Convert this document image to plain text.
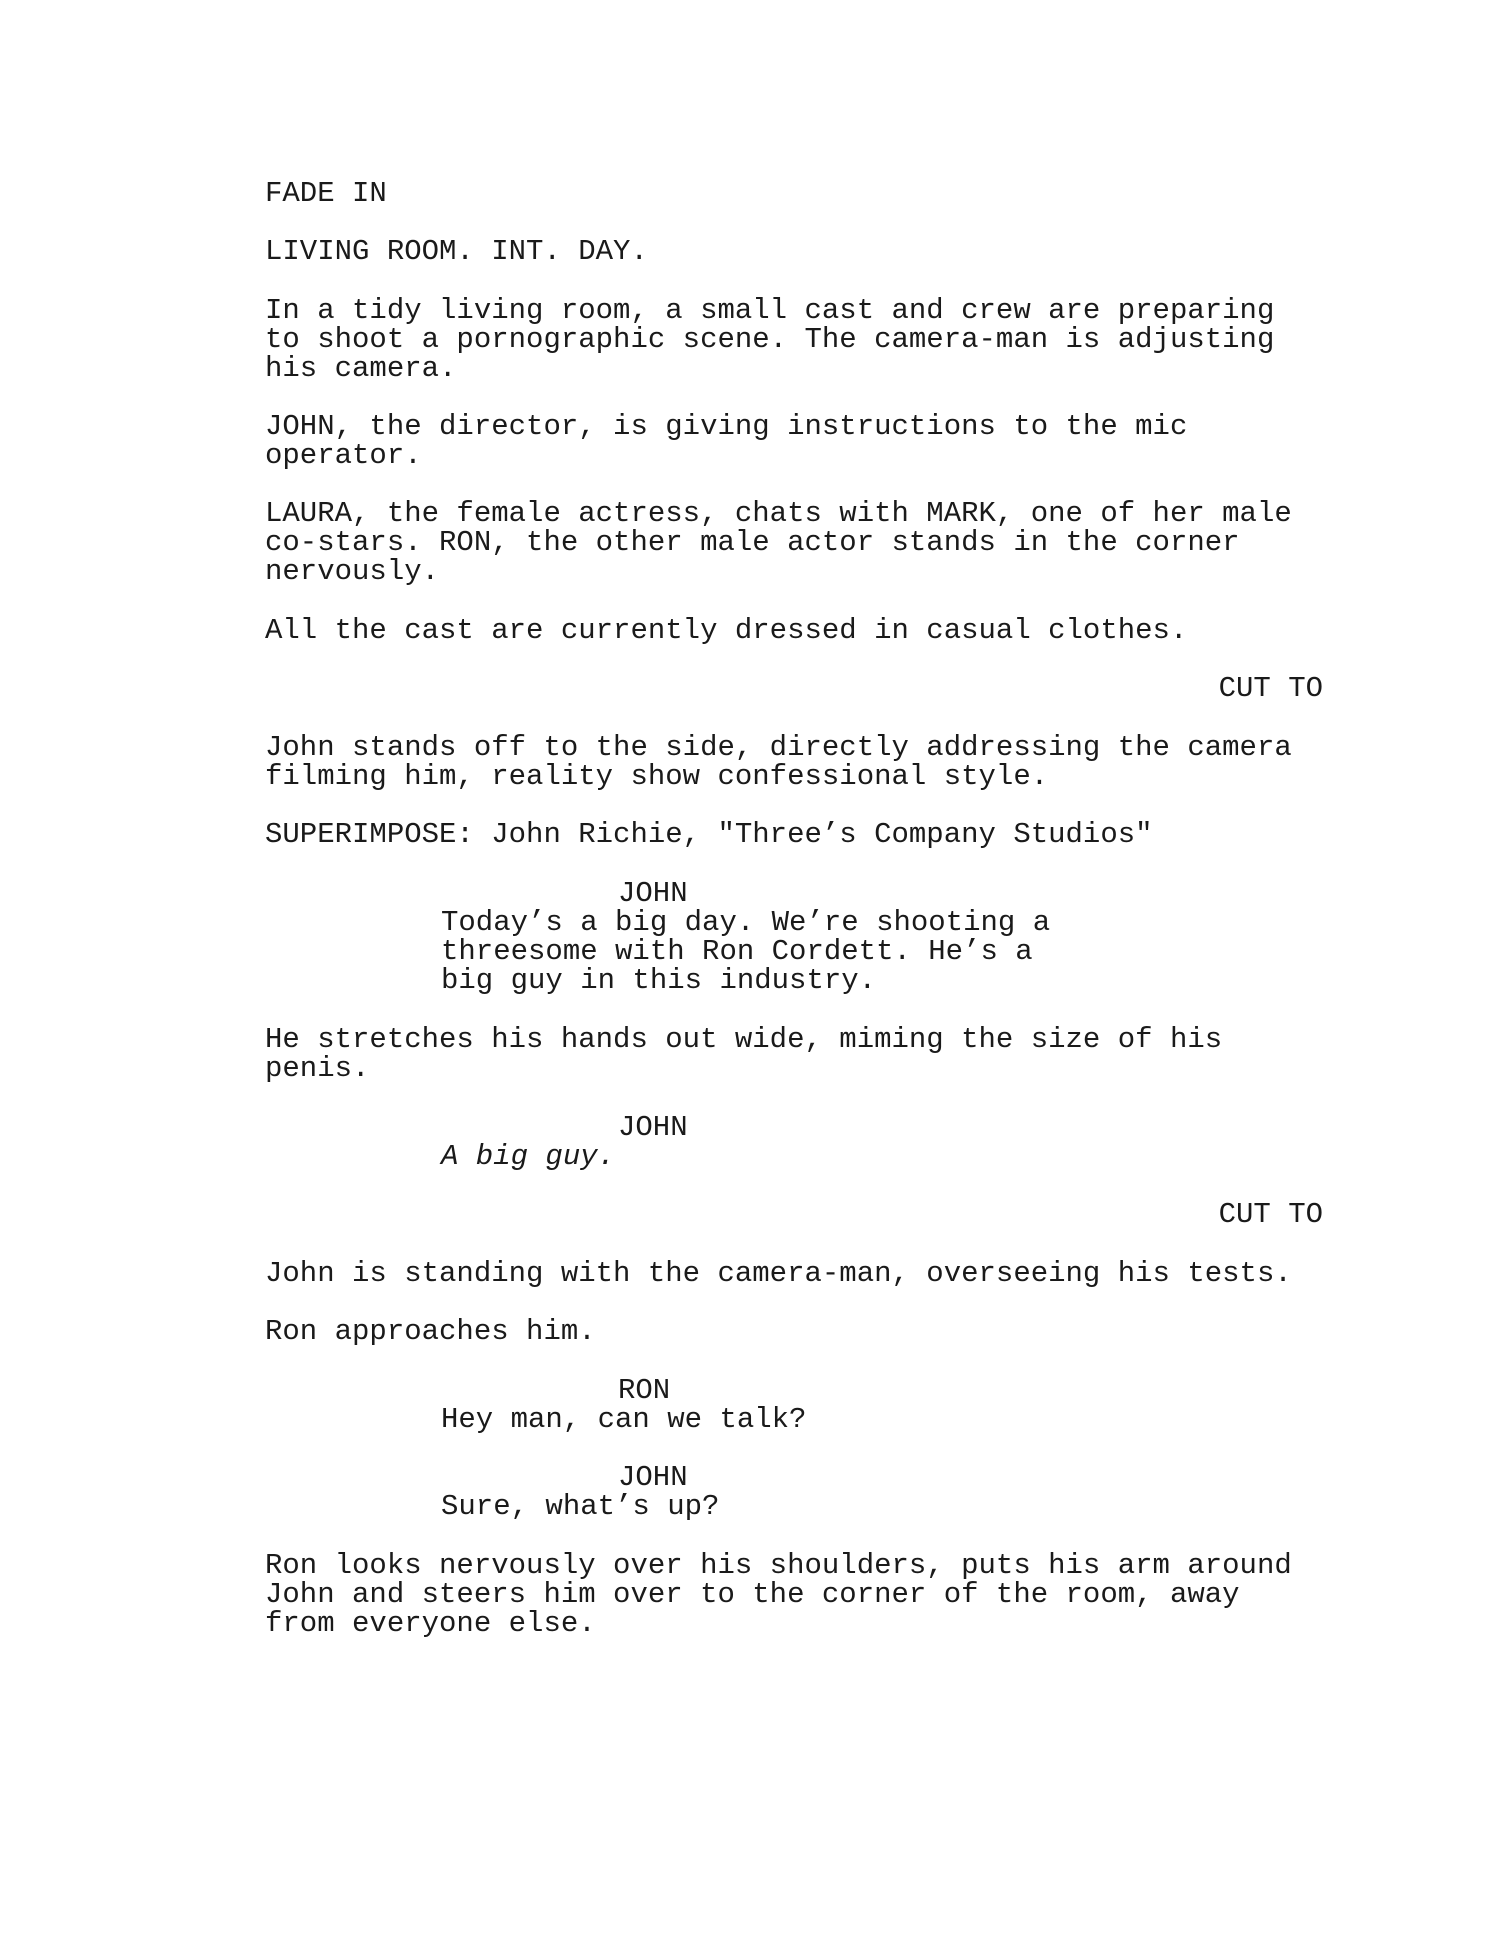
FADE IN
LIVING ROOM. INT. DAY.
In a tidy living room, a small cast and crew are preparing
to shoot a pornographic scene. The camera-man is adjusting
his camera.
JOHN, the director, is giving instructions to the mic
operator.
LAURA, the female actress, chats with MARK, one of her male
co-stars. RON, the other male actor stands in the corner
nervously.
All the cast are currently dressed in casual clothes.
CUT TO
John stands off to the side, directly addressing the camera
filming him, reality show confessional style.
SUPERIMPOSE: John Richie, "Three’s Company Studios"
JOHN
Today’s a big day. We’re shooting a
threesome with Ron Cordett. He’s a
big guy in this industry.
He stretches his hands out wide, miming the size of his
penis.
JOHN
A big guy.
CUT TO
John is standing with the camera-man, overseeing his tests.
Ron approaches him.
RON
Hey man, can we talk?
JOHN
Sure, what’s up?
Ron looks nervously over his shoulders, puts his arm around
John and steers him over to the corner of the room, away
from everyone else.
